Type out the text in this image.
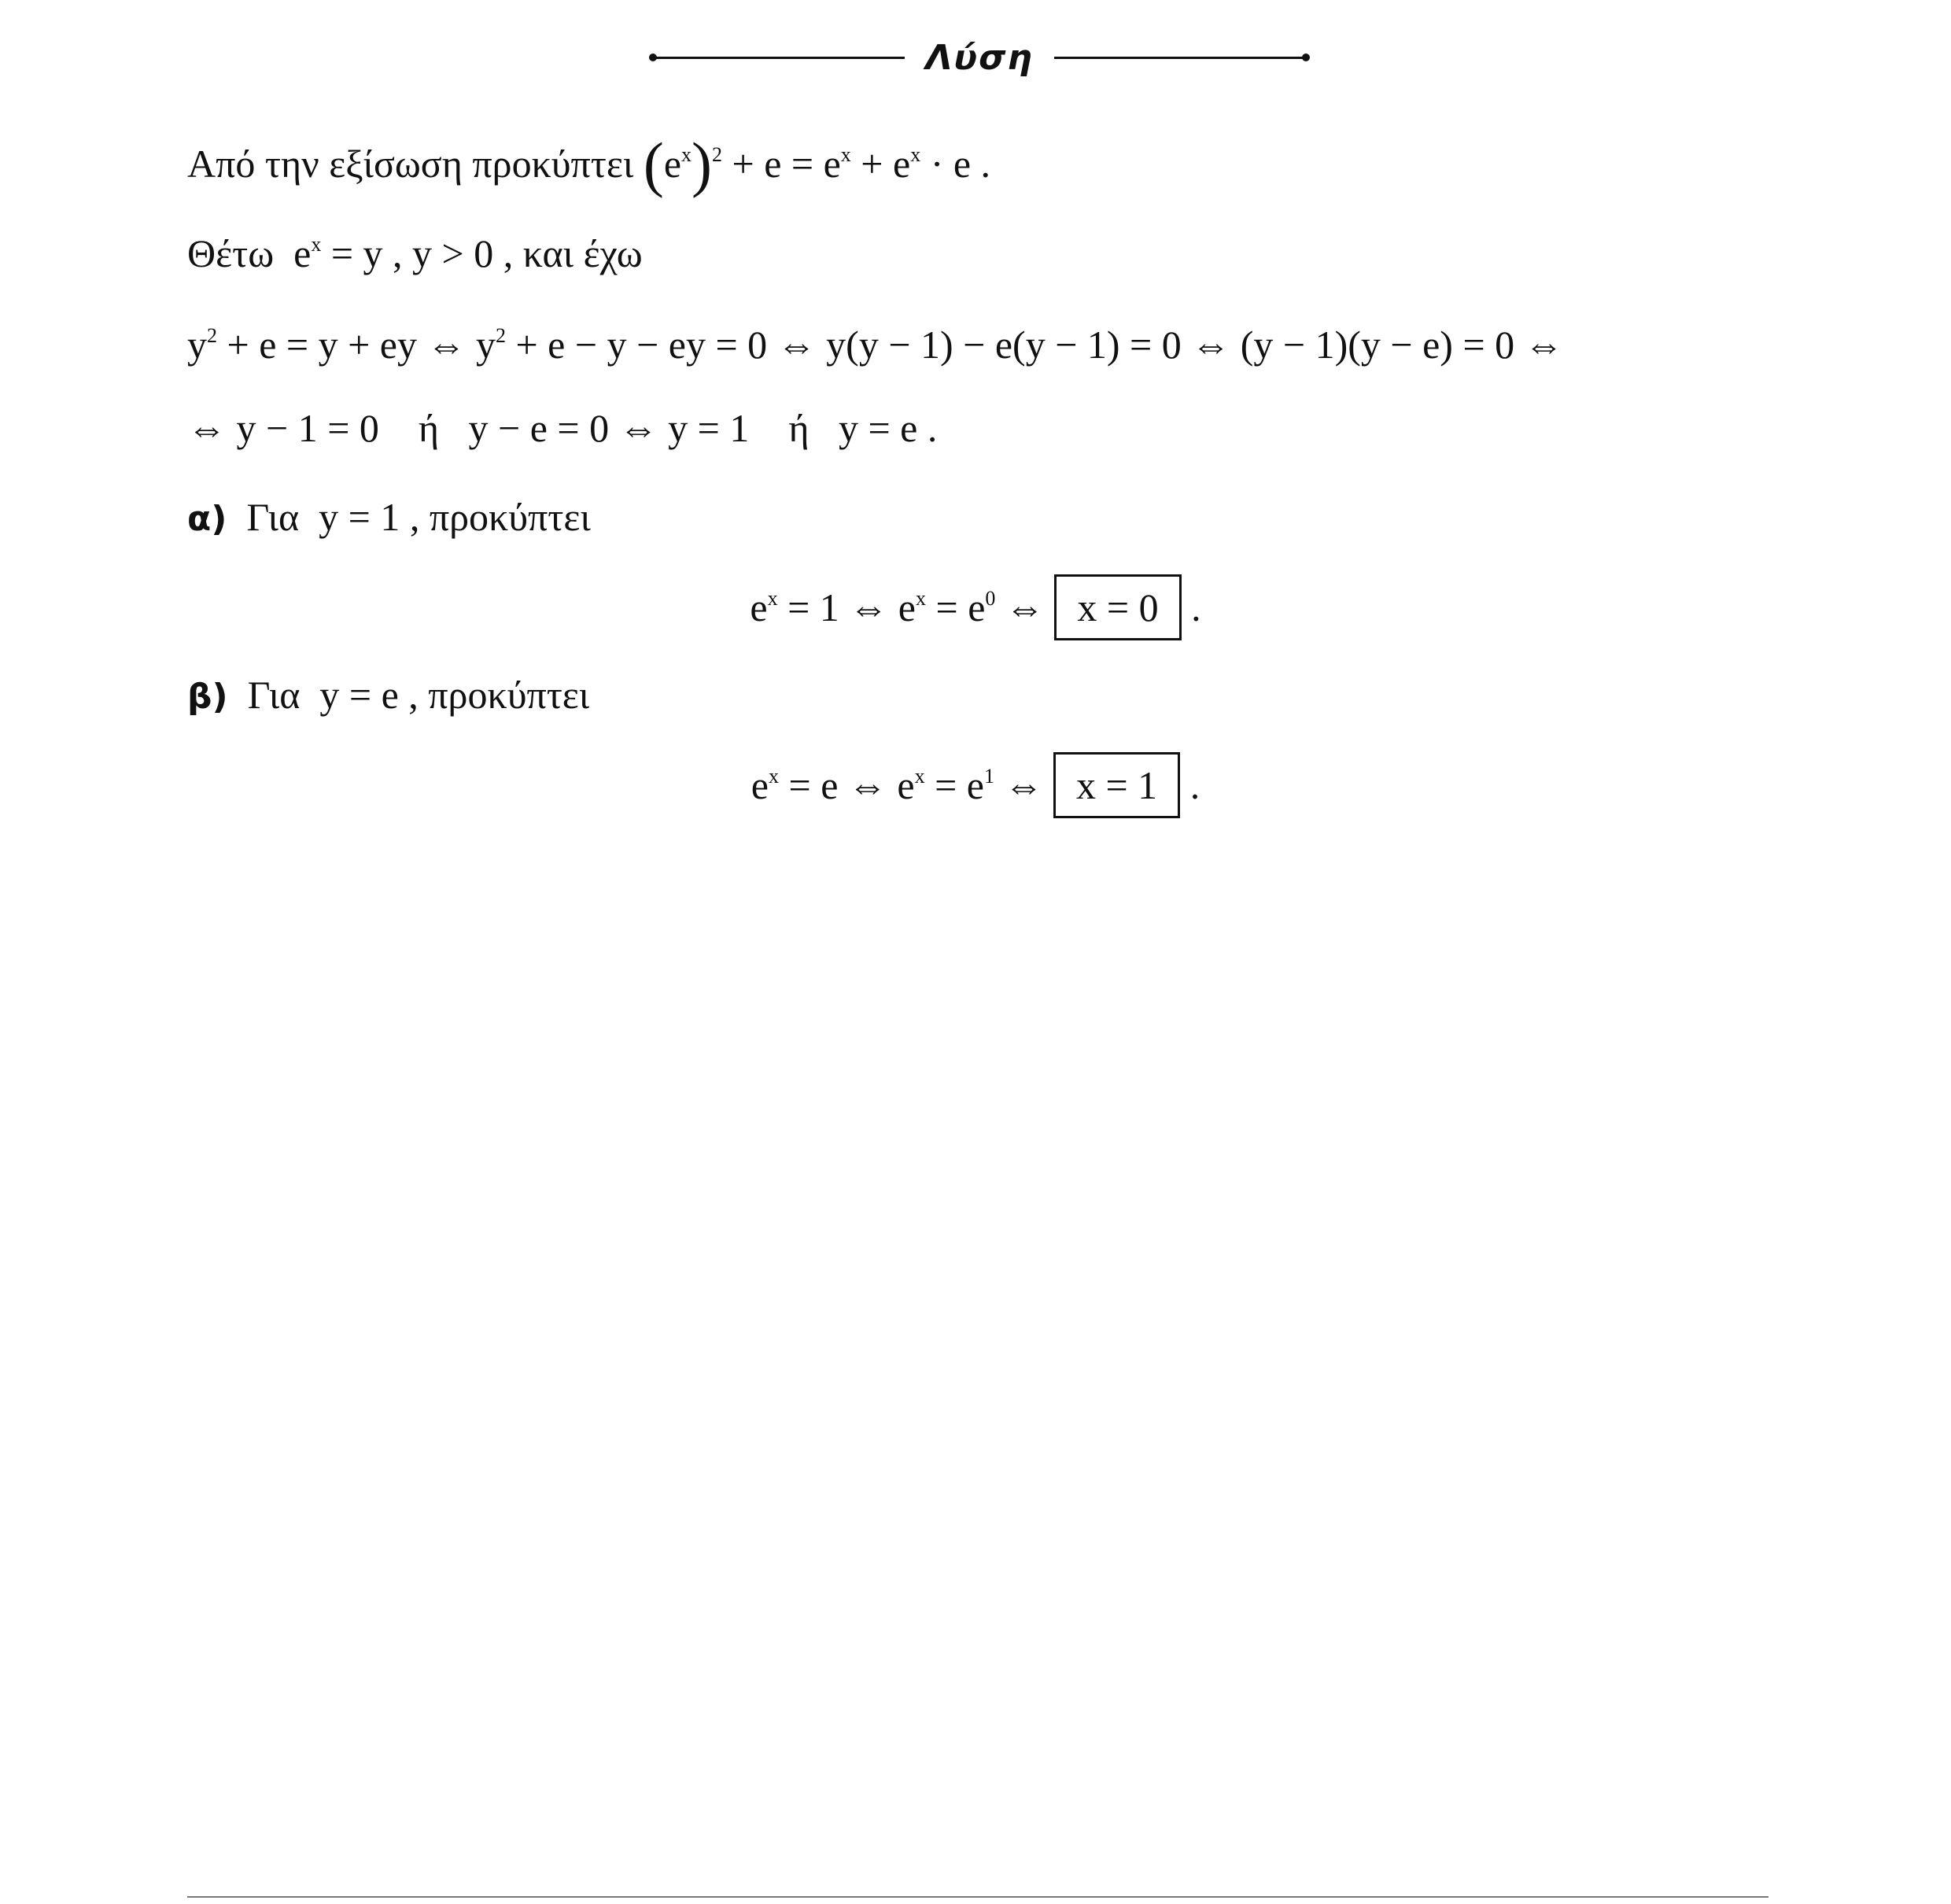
Λύση
Από την εξίσωση προκύπτει $(e^x)^2 + e = e^x + e^x \cdot e$ .
Θέτω  $e^x = y$ , y > 0 , και έχω
$y^2 + e = y$ + ey ⇔ $y^2 + e - y$ − ey = 0 ⇔ y(y − 1) − e(y − 1) = 0 ⇔ (y − 1)(y − e) = 0 ⇔
⇔ y − 1 = 0    ή   y − e = 0 ⇔ y = 1    ή   y = e .
α)  Για  y = 1 , προκύπτει
$e^x = 1$ ⇔ $e^x = e^0$ ⇔ x = 0 .
β)  Για  y = e , προκύπτει
$e^x = e$ ⇔ $e^x = e^1$ ⇔ x = 1 .
